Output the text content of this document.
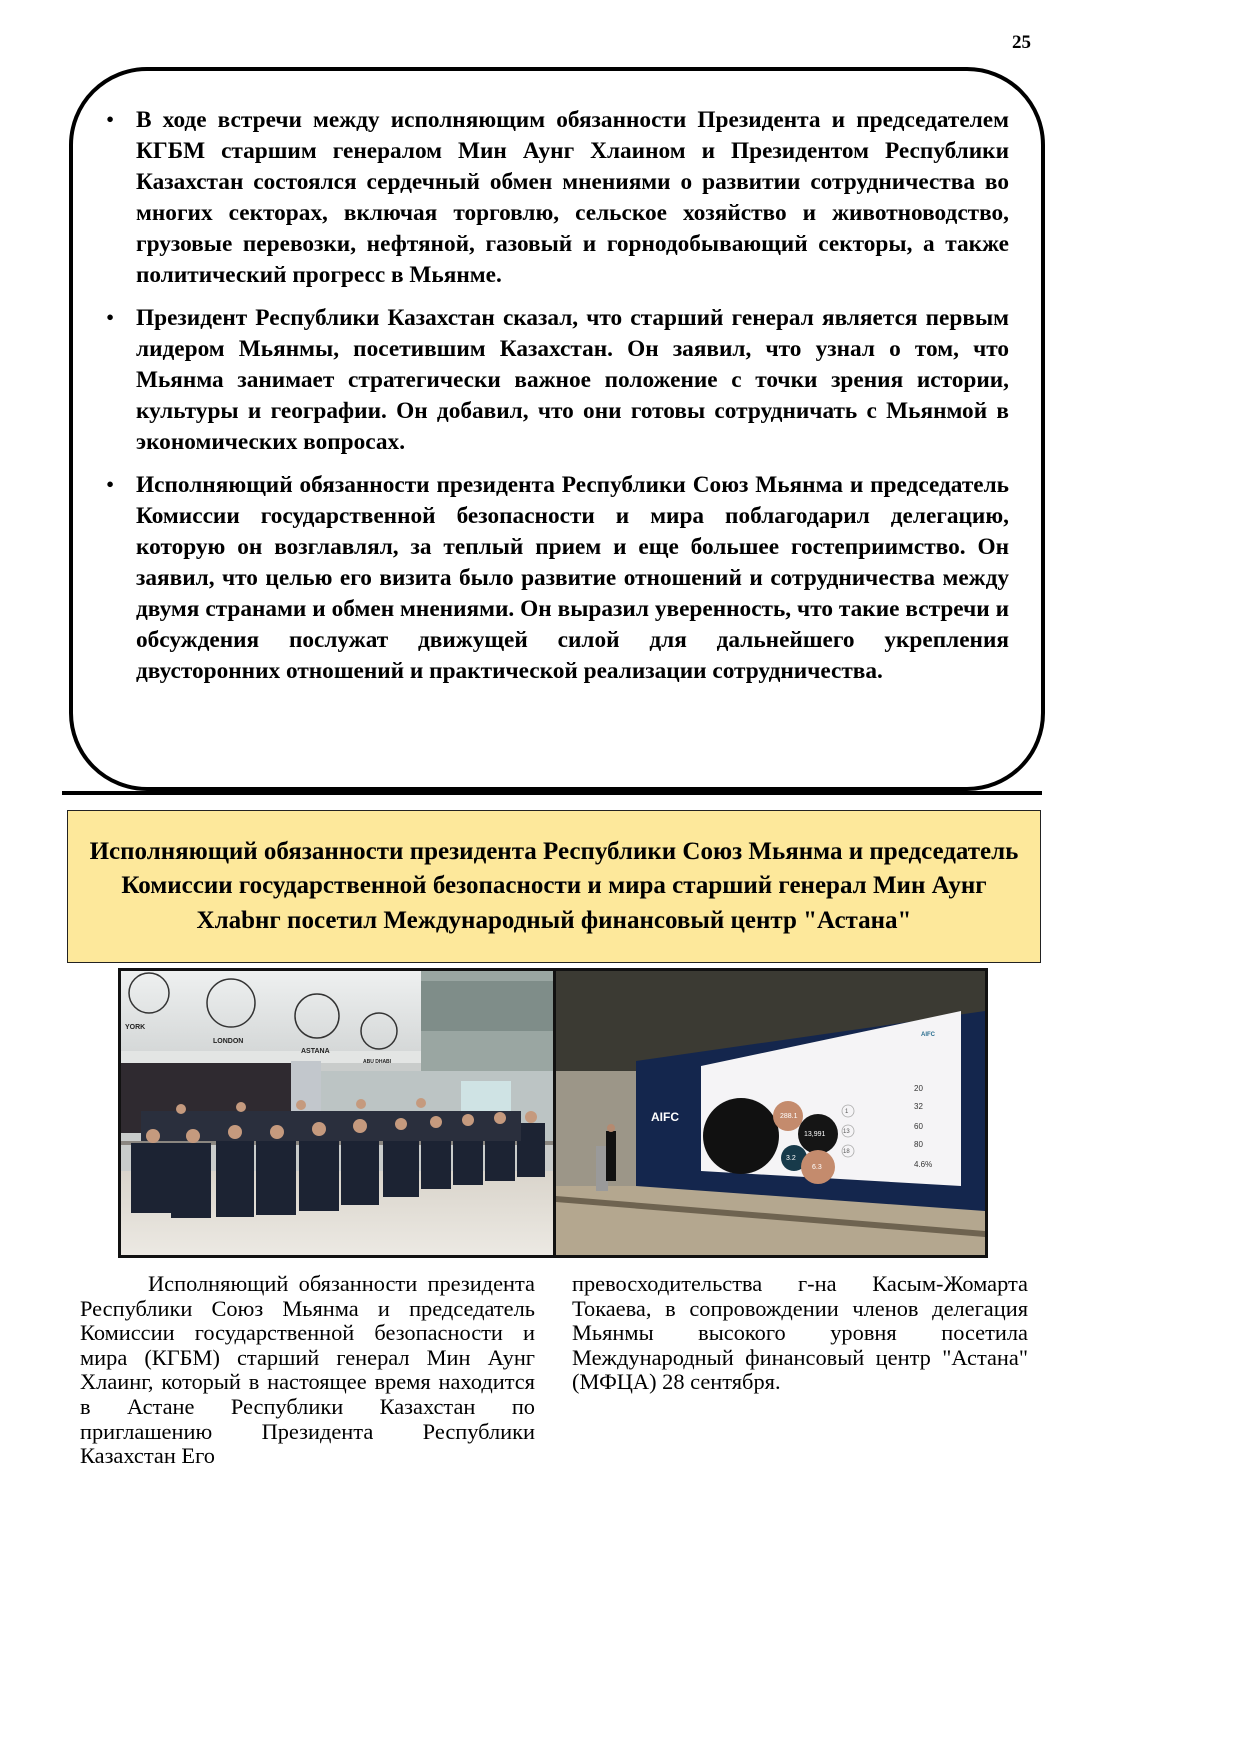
25
• В ходе встречи между исполняющим обязанности Президента и председателем КГБМ старшим генералом Мин Аунг Хлаином и Президентом Республики Казахстан состоялся сердечный обмен мнениями о развитии сотрудничества во многих секторах, включая торговлю, сельское хозяйство и животноводство, грузовые перевозки, нефтяной, газовый и горнодобывающий секторы, а также политический прогресс в Мьянме.
• Президент Республики Казахстан сказал, что старший генерал является первым лидером Мьянмы, посетившим Казахстан. Он заявил, что узнал о том, что Мьянма занимает стратегически важное положение с точки зрения истории, культуры и географии. Он добавил, что они готовы сотрудничать с Мьянмой в экономических вопросах.
• Исполняющий обязанности президента Республики Союз Мьянма и председатель Комиссии государственной безопасности и мира поблагодарил делегацию, которую он возглавлял, за теплый прием и еще большее гостеприимство. Он заявил, что целью его визита было развитие отношений и сотрудничества между двумя странами и обмен мнениями. Он выразил уверенность, что такие встречи и обсуждения послужат движущей силой для дальнейшего укрепления двусторонних отношений и практической реализации сотрудничества.
Исполняющий обязанности президента Республики Союз Мьянма и председатель Комиссии государственной безопасности и мира старший генерал Мин Аунг Хлаbнг посетил Международный финансовый центр "Астана"
YORK
LONDON
ASTANA
ABU DHABI
AIFC
AIFC
288.1
13,991
3.2
6.3
1
13
18
20
32
60
80
4.6%

Исполняющий обязанности президента Республики Союз Мьянма и председатель Комиссии государственной безопасности и мира (КГБМ) старший генерал Мин Аунг Хлаинг, который в настоящее время находится в Астане Республики Казахстан по приглашению Президента Республики Казахстан Его

превосходительства г-на Касым-Жомарта Токаева, в сопровождении членов делегация Мьянмы высокого уровня посетила Международный финансовый центр "Астана" (МФЦА) 28 сентября.
